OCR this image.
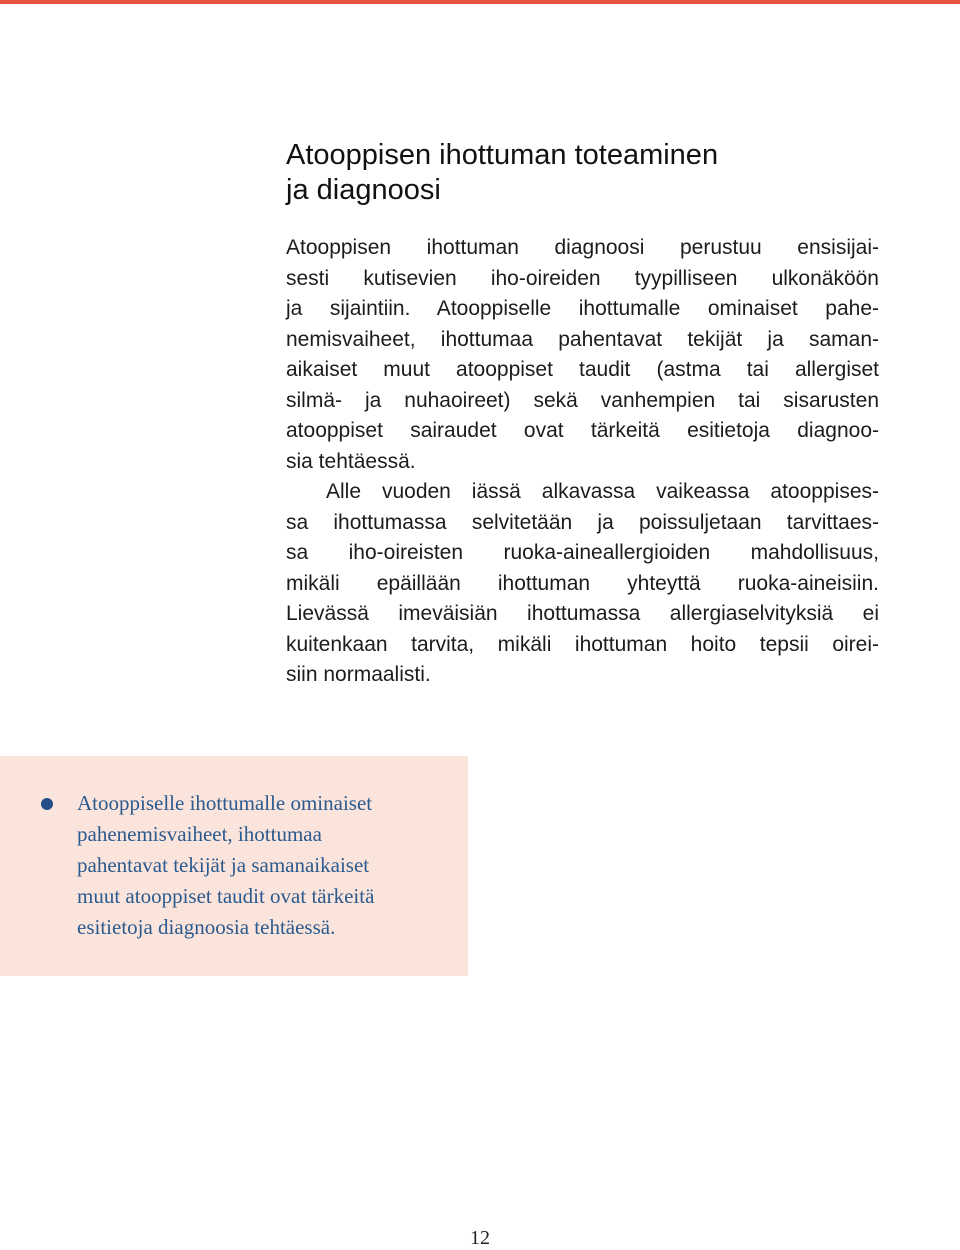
Atooppisen ihottuman toteaminen
ja diagnoosi
Atooppisen ihottuman diagnoosi perustuu ensisijai-
sesti kutisevien iho-oireiden tyypilliseen ulkonäköön
ja sijaintiin. Atooppiselle ihottumalle ominaiset pahe-
nemisvaiheet, ihottumaa pahentavat tekijät ja saman-
aikaiset muut atooppiset taudit (astma tai allergiset
silmä- ja nuhaoireet) sekä vanhempien tai sisarusten
atooppiset sairaudet ovat tärkeitä esitietoja diagnoo-
sia tehtäessä.
Alle vuoden iässä alkavassa vaikeassa atooppises-
sa ihottumassa selvitetään ja poissuljetaan tarvittaes-
sa iho-oireisten ruoka-aineallergioiden mahdollisuus,
mikäli epäillään ihottuman yhteyttä ruoka-aineisiin.
Lievässä imeväisiän ihottumassa allergiaselvityksiä ei
kuitenkaan tarvita, mikäli ihottuman hoito tepsii oirei-
siin normaalisti.
Atooppiselle ihottumalle ominaiset
pahenemisvaiheet, ihottumaa
pahentavat tekijät ja samanaikaiset
muut atooppiset taudit ovat tärkeitä
esitietoja diagnoosia tehtäessä.
12
